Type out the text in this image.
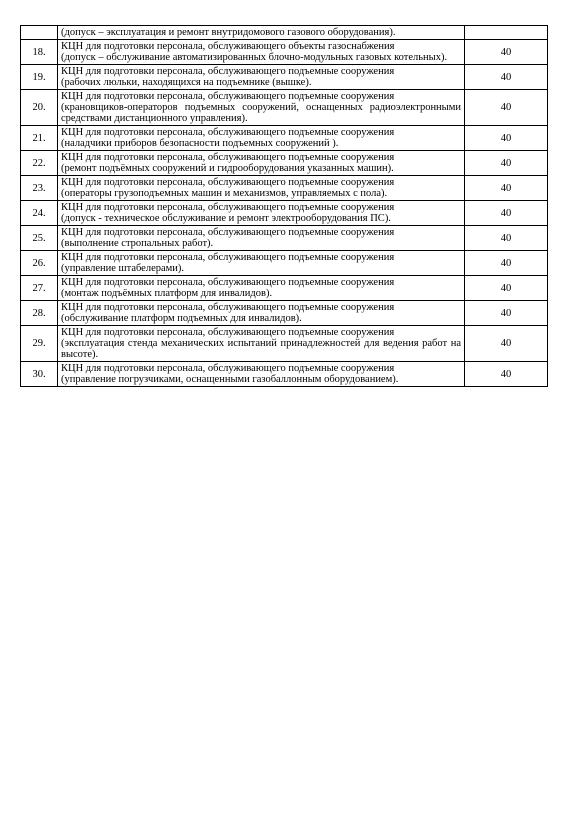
	(допуск – эксплуатация и ремонт внутридомового газового оборудования).	

18.	КЦН для подготовки персонала, обслуживающего объекты газоснабжения
(допуск – обслуживание автоматизированных блочно-модульных газовых котельных).	40
19.	КЦН для подготовки персонала, обслуживающего подъемные сооружения
(рабочих люльки, находящихся на подъемнике (вышке).	40
20.	КЦН для подготовки персонала, обслуживающего подъемные сооружения
(крановщиков-операторов подъемных сооружений, оснащенных радиоэлектронными средствами дистанционного управления).	40
21.	КЦН для подготовки персонала, обслуживающего подъемные сооружения
(наладчики приборов безопасности подъемных сооружений ).	40
22.	КЦН для подготовки персонала, обслуживающего подъемные сооружения
(ремонт подъёмных сооружений и гидрооборудования указанных машин).	40
23.	КЦН для подготовки персонала, обслуживающего подъемные сооружения
(операторы грузоподъемных машин и механизмов, управляемых с пола).	40
24.	КЦН для подготовки персонала, обслуживающего подъемные сооружения
(допуск - техническое обслуживание и ремонт электрооборудования ПС).	40
25.	КЦН для подготовки персонала, обслуживающего подъемные сооружения
(выполнение стропальных работ).	40
26.	КЦН для подготовки персонала, обслуживающего подъемные сооружения
(управление штабелерами).	40
27.	КЦН для подготовки персонала, обслуживающего подъемные сооружения
(монтаж подъёмных платформ для инвалидов).	40
28.	КЦН для подготовки персонала, обслуживающего подъемные сооружения
(обслуживание платформ подъемных для инвалидов).	40
29.	КЦН для подготовки персонала, обслуживающего подъемные сооружения
(эксплуатация стенда механических испытаний принадлежностей для ведения работ на высоте).	40
30.	КЦН для подготовки персонала, обслуживающего подъемные сооружения
(управление погрузчиками, оснащенными газобаллонным оборудованием).	40
